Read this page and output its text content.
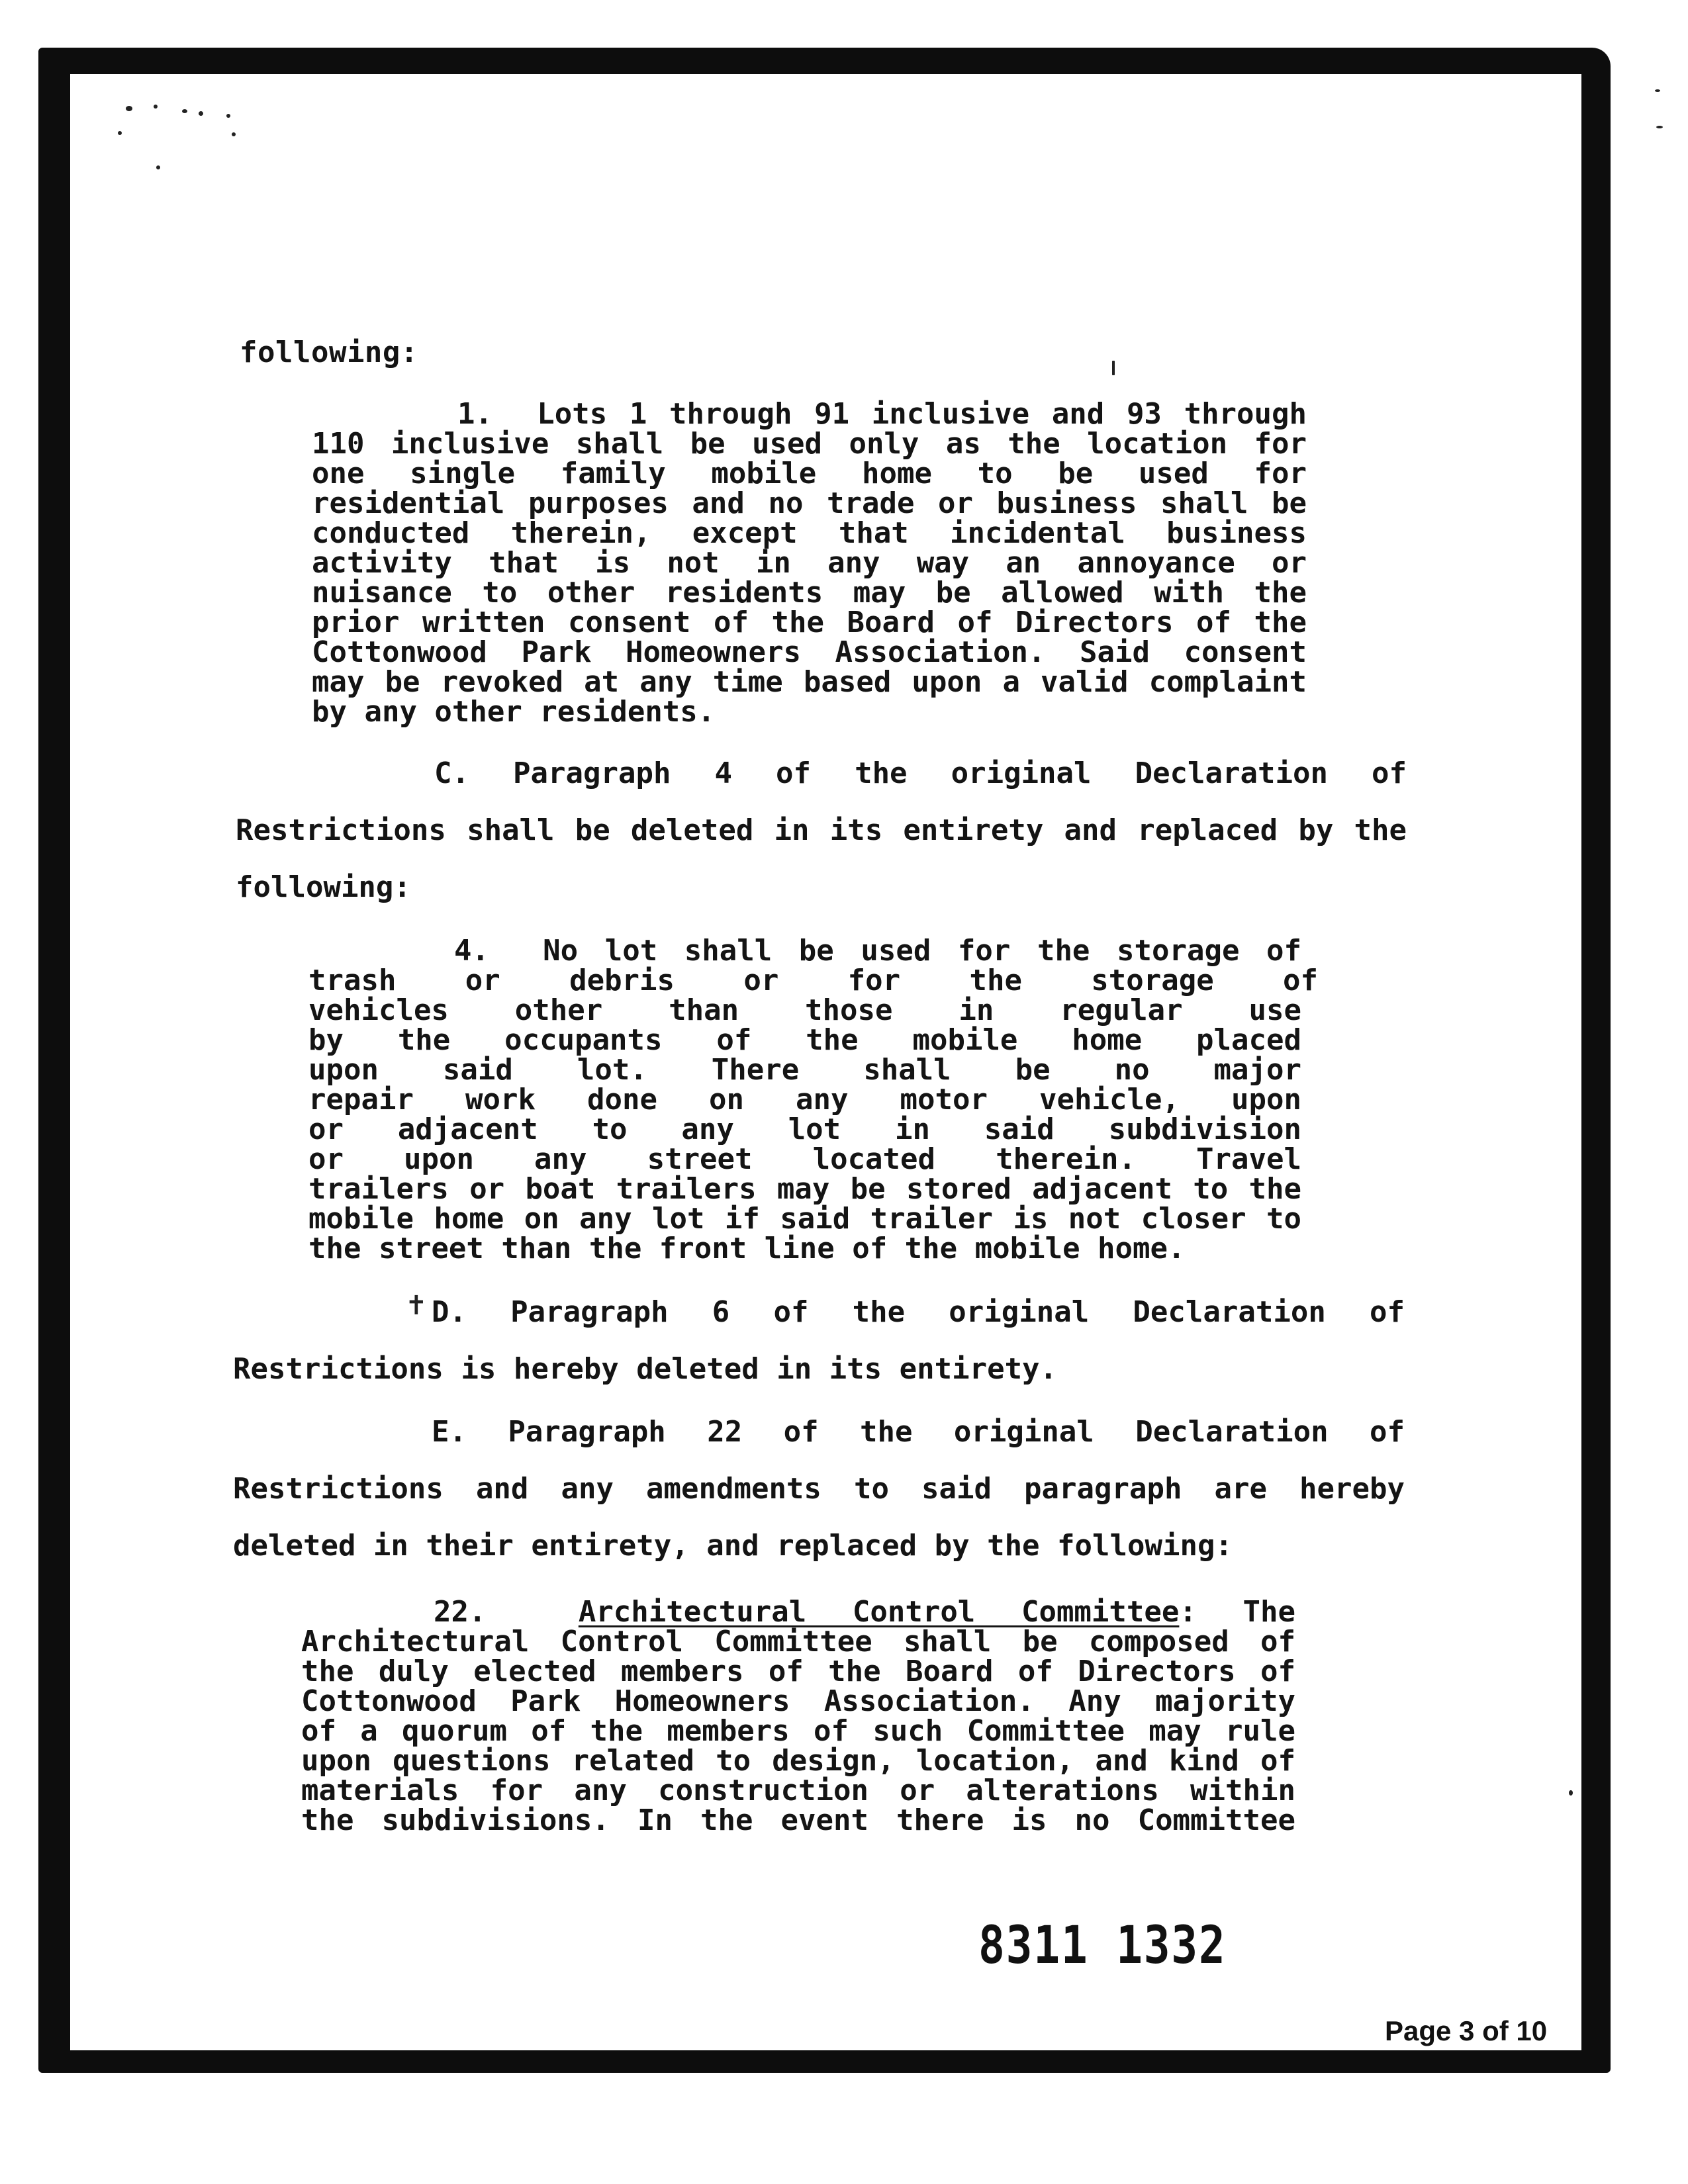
following:
1. Lots 1 through 91 inclusive and 93 through
110 inclusive shall be used only as the location for
one single family mobile home to be used for
residential purposes and no trade or business shall be
conducted therein, except that incidental business
activity that is not in any way an annoyance or
nuisance to other residents may be allowed with the
prior written consent of the Board of Directors of the
Cottonwood Park Homeowners Association. Said consent
may be revoked at any time based upon a valid complaint
by any other residents.
C. Paragraph 4 of the original Declaration of
Restrictions shall be deleted in its entirety and replaced by the
following:
4. No lot shall be used for the storage of
trash or debris or for the storage of
vehicles other than those in regular use
by the occupants of the mobile home placed
upon said lot. There shall be no major
repair work done on any motor vehicle, upon
or adjacent to any lot in said subdivision
or upon any street located therein. Travel
trailers or boat trailers may be stored adjacent to the
mobile home on any lot if said trailer is not closer to
the street than the front line of the mobile home.
✝ D. Paragraph 6 of the original Declaration of
Restrictions is hereby deleted in its entirety.
E. Paragraph 22 of the original Declaration of
Restrictions and any amendments to said paragraph are hereby
deleted in their entirety, and replaced by the following:
22.	Architectural Control Committee: The
Architectural Control Committee shall be composed of
the duly elected members of the Board of Directors of
Cottonwood Park Homeowners Association. Any majority
of a quorum of the members of such Committee may rule
upon questions related to design, location, and kind of
materials for any construction or alterations within
the subdivisions. In the event there is no Committee
8311 1332
Page 3 of 10
